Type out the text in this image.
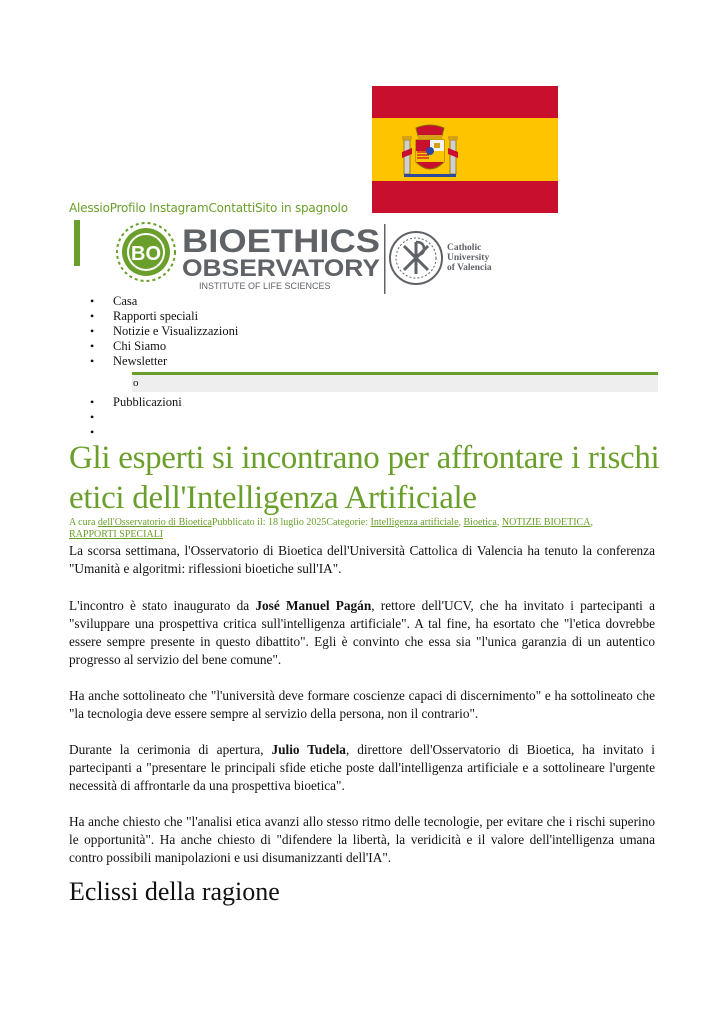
AlessioProfilo InstagramContattiSito in spagnolo

BO BIOETHICS
OBSERVATORY
INSTITUTE OF LIFE SCIENCES
Catholic
University
of Valencia
• Casa
• Rapporti speciali
• Notizie e Visualizzazioni
• Chi Siamo
• Newsletter
o
• Pubblicazioni
•
•
Gli esperti si incontrano per affrontare i rischi etici dell'Intelligenza Artificiale
A cura dell'Osservatorio di BioeticaPubblicato il: 18 luglio 2025Categorie: Intelligenza artificiale, Bioetica, NOTIZIE BIOETICA, RAPPORTI SPECIALI

La scorsa settimana, l'Osservatorio di Bioetica dell'Università Cattolica di Valencia ha tenuto la conferenza "Umanità e algoritmi: riflessioni bioetiche sull'IA".

L'incontro è stato inaugurato da José Manuel Pagán, rettore dell'UCV, che ha invitato i partecipanti a "sviluppare una prospettiva critica sull'intelligenza artificiale". A tal fine, ha esortato che "l'etica dovrebbe essere sempre presente in questo dibattito". Egli è convinto che essa sia "l'unica garanzia di un autentico progresso al servizio del bene comune".

Ha anche sottolineato che "l'università deve formare coscienze capaci di discernimento" e ha sottolineato che "la tecnologia deve essere sempre al servizio della persona, non il contrario".

Durante la cerimonia di apertura, Julio Tudela, direttore dell'Osservatorio di Bioetica, ha invitato i partecipanti a "presentare le principali sfide etiche poste dall'intelligenza artificiale e a sottolineare l'urgente necessità di affrontarle da una prospettiva bioetica".

Ha anche chiesto che "l'analisi etica avanzi allo stesso ritmo delle tecnologie, per evitare che i rischi superino le opportunità". Ha anche chiesto di "difendere la libertà, la veridicità e il valore dell'intelligenza umana contro possibili manipolazioni e usi disumanizzanti dell'IA".

Eclissi della ragione
